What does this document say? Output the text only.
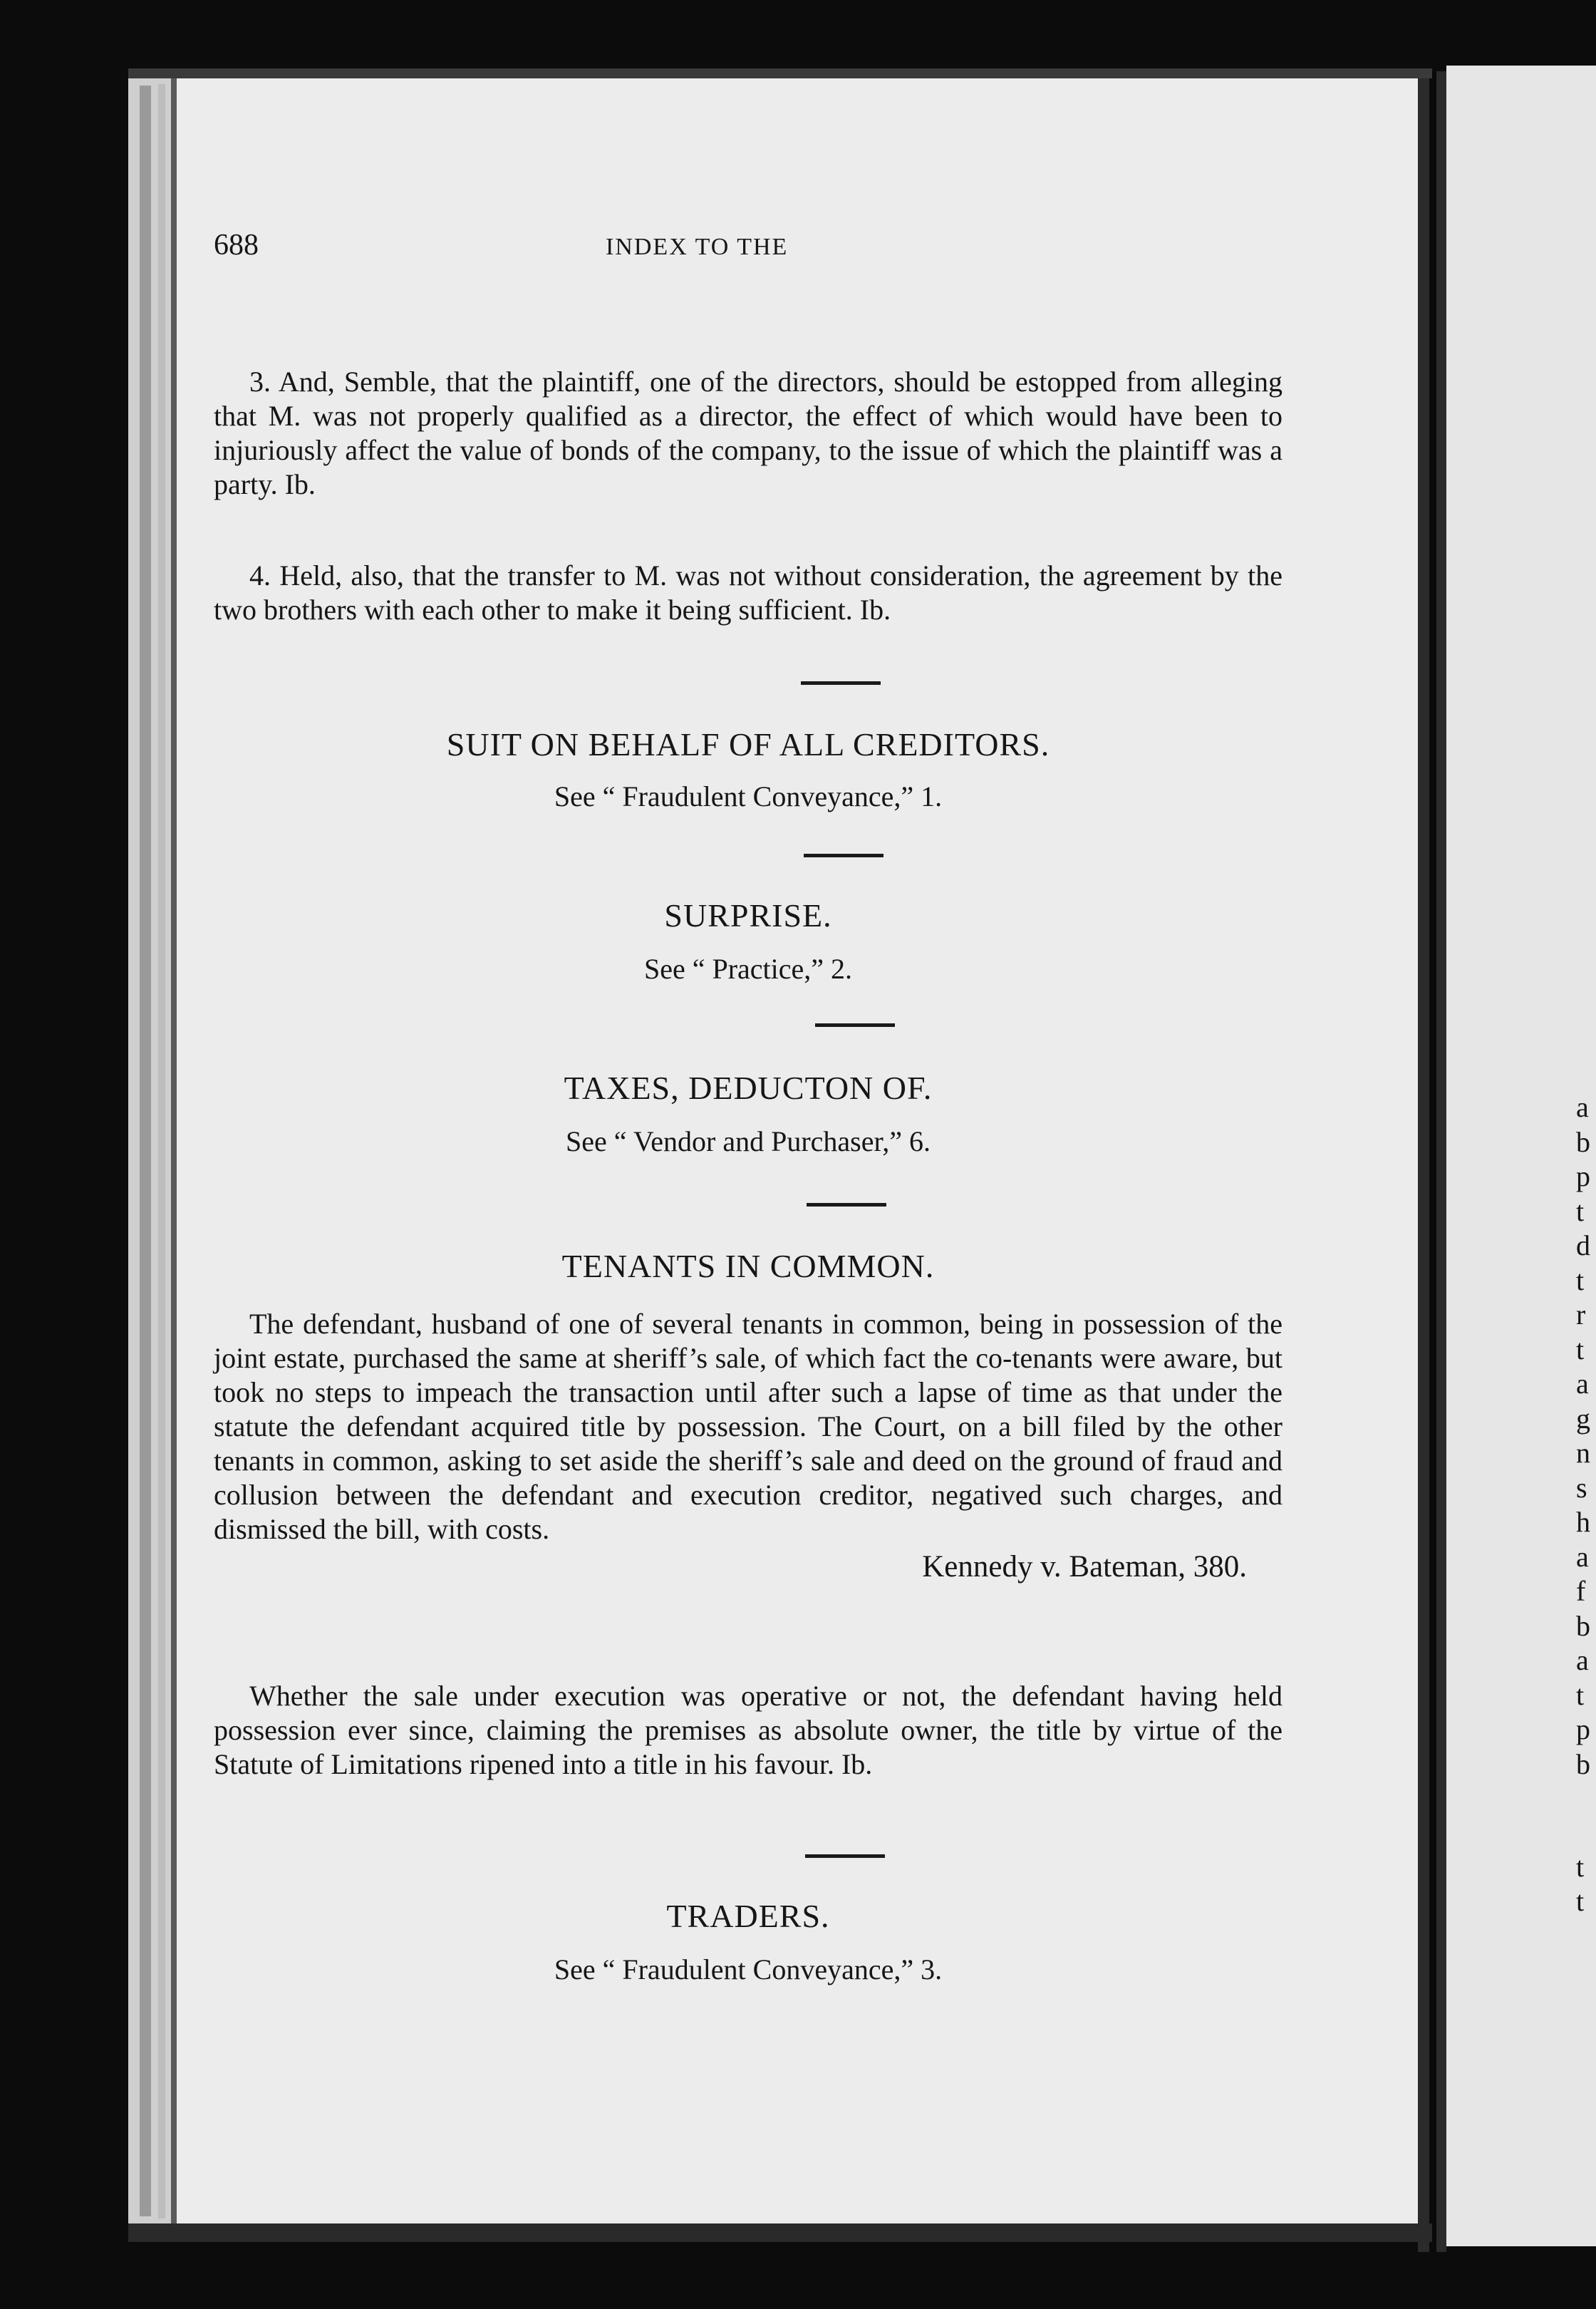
688	INDEX TO THE

3. And, Semble, that the plaintiff, one of the directors, should be estopped from alleging that M. was not properly qualified as a director, the effect of which would have been to injuriously affect the value of bonds of the company, to the issue of which the plaintiff was a party. Ib.

4. Held, also, that the transfer to M. was not without consideration, the agreement by the two brothers with each other to make it being sufficient. Ib.

SUIT ON BEHALF OF ALL CREDITORS.
See “ Fraudulent Conveyance,” 1.
SURPRISE.
See “ Practice,” 2.
TAXES, DEDUCTON OF.
See “ Vendor and Purchaser,” 6.
TENANTS IN COMMON.

The defendant, husband of one of several tenants in common, being in possession of the joint estate, purchased the same at sheriff’s sale, of which fact the co-tenants were aware, but took no steps to impeach the transaction until after such a lapse of time as that under the statute the defendant acquired title by possession. The Court, on a bill filed by the other tenants in common, asking to set aside the sheriff’s sale and deed on the ground of fraud and collusion between the defendant and execution creditor, negatived such charges, and dismissed the bill, with costs.

Kennedy v. Bateman, 380.

Whether the sale under execution was operative or not, the defendant having held possession ever since, claiming the premises as absolute owner, the title by virtue of the Statute of Limitations ripened into a title in his favour. Ib.

TRADERS.
See “ Fraudulent Conveyance,” 3.
a
b
p
t
d
t
r
t
a
g
n
s
h
a
f
b
a
t
p
b
t
t
